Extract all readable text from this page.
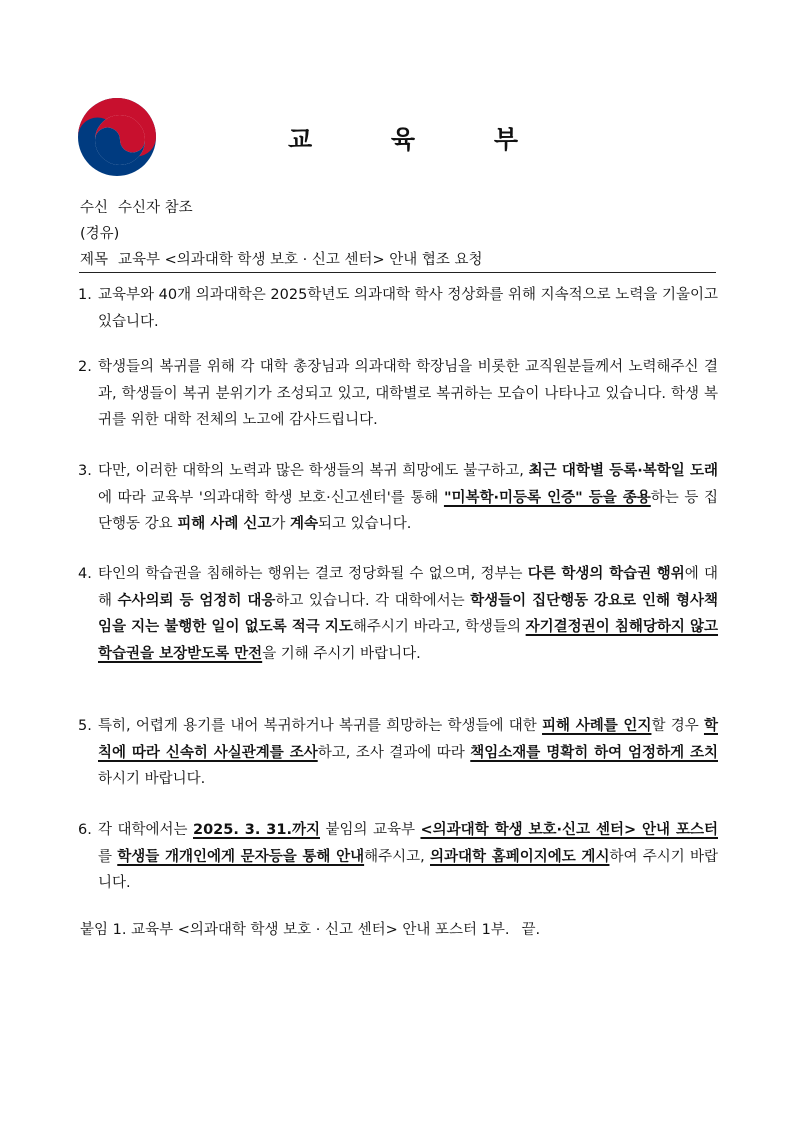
교	육	부
수신 수신자 참조
(경유)
제목 교육부 <의과대학 학생 보호 · 신고 센터> 안내 협조 요청
1. 교육부와 40개 의과대학은 2025학년도 의과대학 학사 정상화를 위해 지속적으로 노력을 기울이고 있습니다.
2. 학생들의 복귀를 위해 각 대학 총장님과 의과대학 학장님을 비롯한 교직원분들께서 노력해주신 결과, 학생들이 복귀 분위기가 조성되고 있고, 대학별로 복귀하는 모습이 나타나고 있습니다. 학생 복귀를 위한 대학 전체의 노고에 감사드립니다.
3. 다만, 이러한 대학의 노력과 많은 학생들의 복귀 희망에도 불구하고, 최근 대학별 등록·복학일 도래에 따라 교육부 '의과대학 학생 보호·신고센터'를 통해 "미복학·미등록 인증" 등을 종용하는 등 집단행동 강요 피해 사례 신고가 계속되고 있습니다.
4. 타인의 학습권을 침해하는 행위는 결코 정당화될 수 없으며, 정부는 다른 학생의 학습권 행위에 대해 수사의뢰 등 엄정히 대응하고 있습니다. 각 대학에서는 학생들이 집단행동 강요로 인해 형사책임을 지는 불행한 일이 없도록 적극 지도해주시기 바라고, 학생들의 자기결정권이 침해당하지 않고 학습권을 보장받도록 만전을 기해 주시기 바랍니다.
5. 특히, 어렵게 용기를 내어 복귀하거나 복귀를 희망하는 학생들에 대한 피해 사례를 인지할 경우 학칙에 따라 신속히 사실관계를 조사하고, 조사 결과에 따라 책임소재를 명확히 하여 엄정하게 조치하시기 바랍니다.
6. 각 대학에서는 2025. 3. 31.까지 붙임의 교육부 <의과대학 학생 보호·신고 센터> 안내 포스터를 학생들 개개인에게 문자등을 통해 안내해주시고, 의과대학 홈페이지에도 게시하여 주시기 바랍니다.
붙임 1. 교육부 <의과대학 학생 보호 · 신고 센터> 안내 포스터 1부. 끝.
